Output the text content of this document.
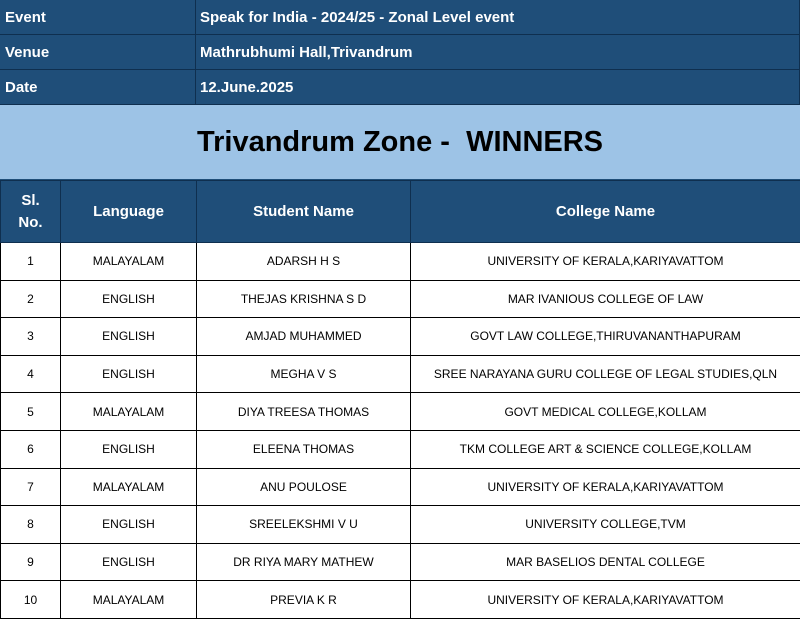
Event	Speak for India - 2024/25 - Zonal Level event
Venue	Mathrubhumi Hall,Trivandrum
Date	12.June.2025
Trivandrum Zone -  WINNERS
Sl.
No.	Language	Student Name	College Name
1	MALAYALAM	ADARSH H S	UNIVERSITY OF KERALA,KARIYAVATTOM
2	ENGLISH	THEJAS KRISHNA S D	MAR IVANIOUS COLLEGE OF LAW
3	ENGLISH	AMJAD MUHAMMED	GOVT LAW COLLEGE,THIRUVANANTHAPURAM
4	ENGLISH	MEGHA V S	SREE NARAYANA GURU COLLEGE OF LEGAL STUDIES,QLN
5	MALAYALAM	DIYA TREESA THOMAS	GOVT MEDICAL COLLEGE,KOLLAM
6	ENGLISH	ELEENA THOMAS	TKM COLLEGE ART & SCIENCE COLLEGE,KOLLAM
7	MALAYALAM	ANU POULOSE	UNIVERSITY OF KERALA,KARIYAVATTOM
8	ENGLISH	SREELEKSHMI V U	UNIVERSITY COLLEGE,TVM
9	ENGLISH	DR RIYA MARY MATHEW	MAR BASELIOS DENTAL COLLEGE
10	MALAYALAM	PREVIA K R	UNIVERSITY OF KERALA,KARIYAVATTOM
